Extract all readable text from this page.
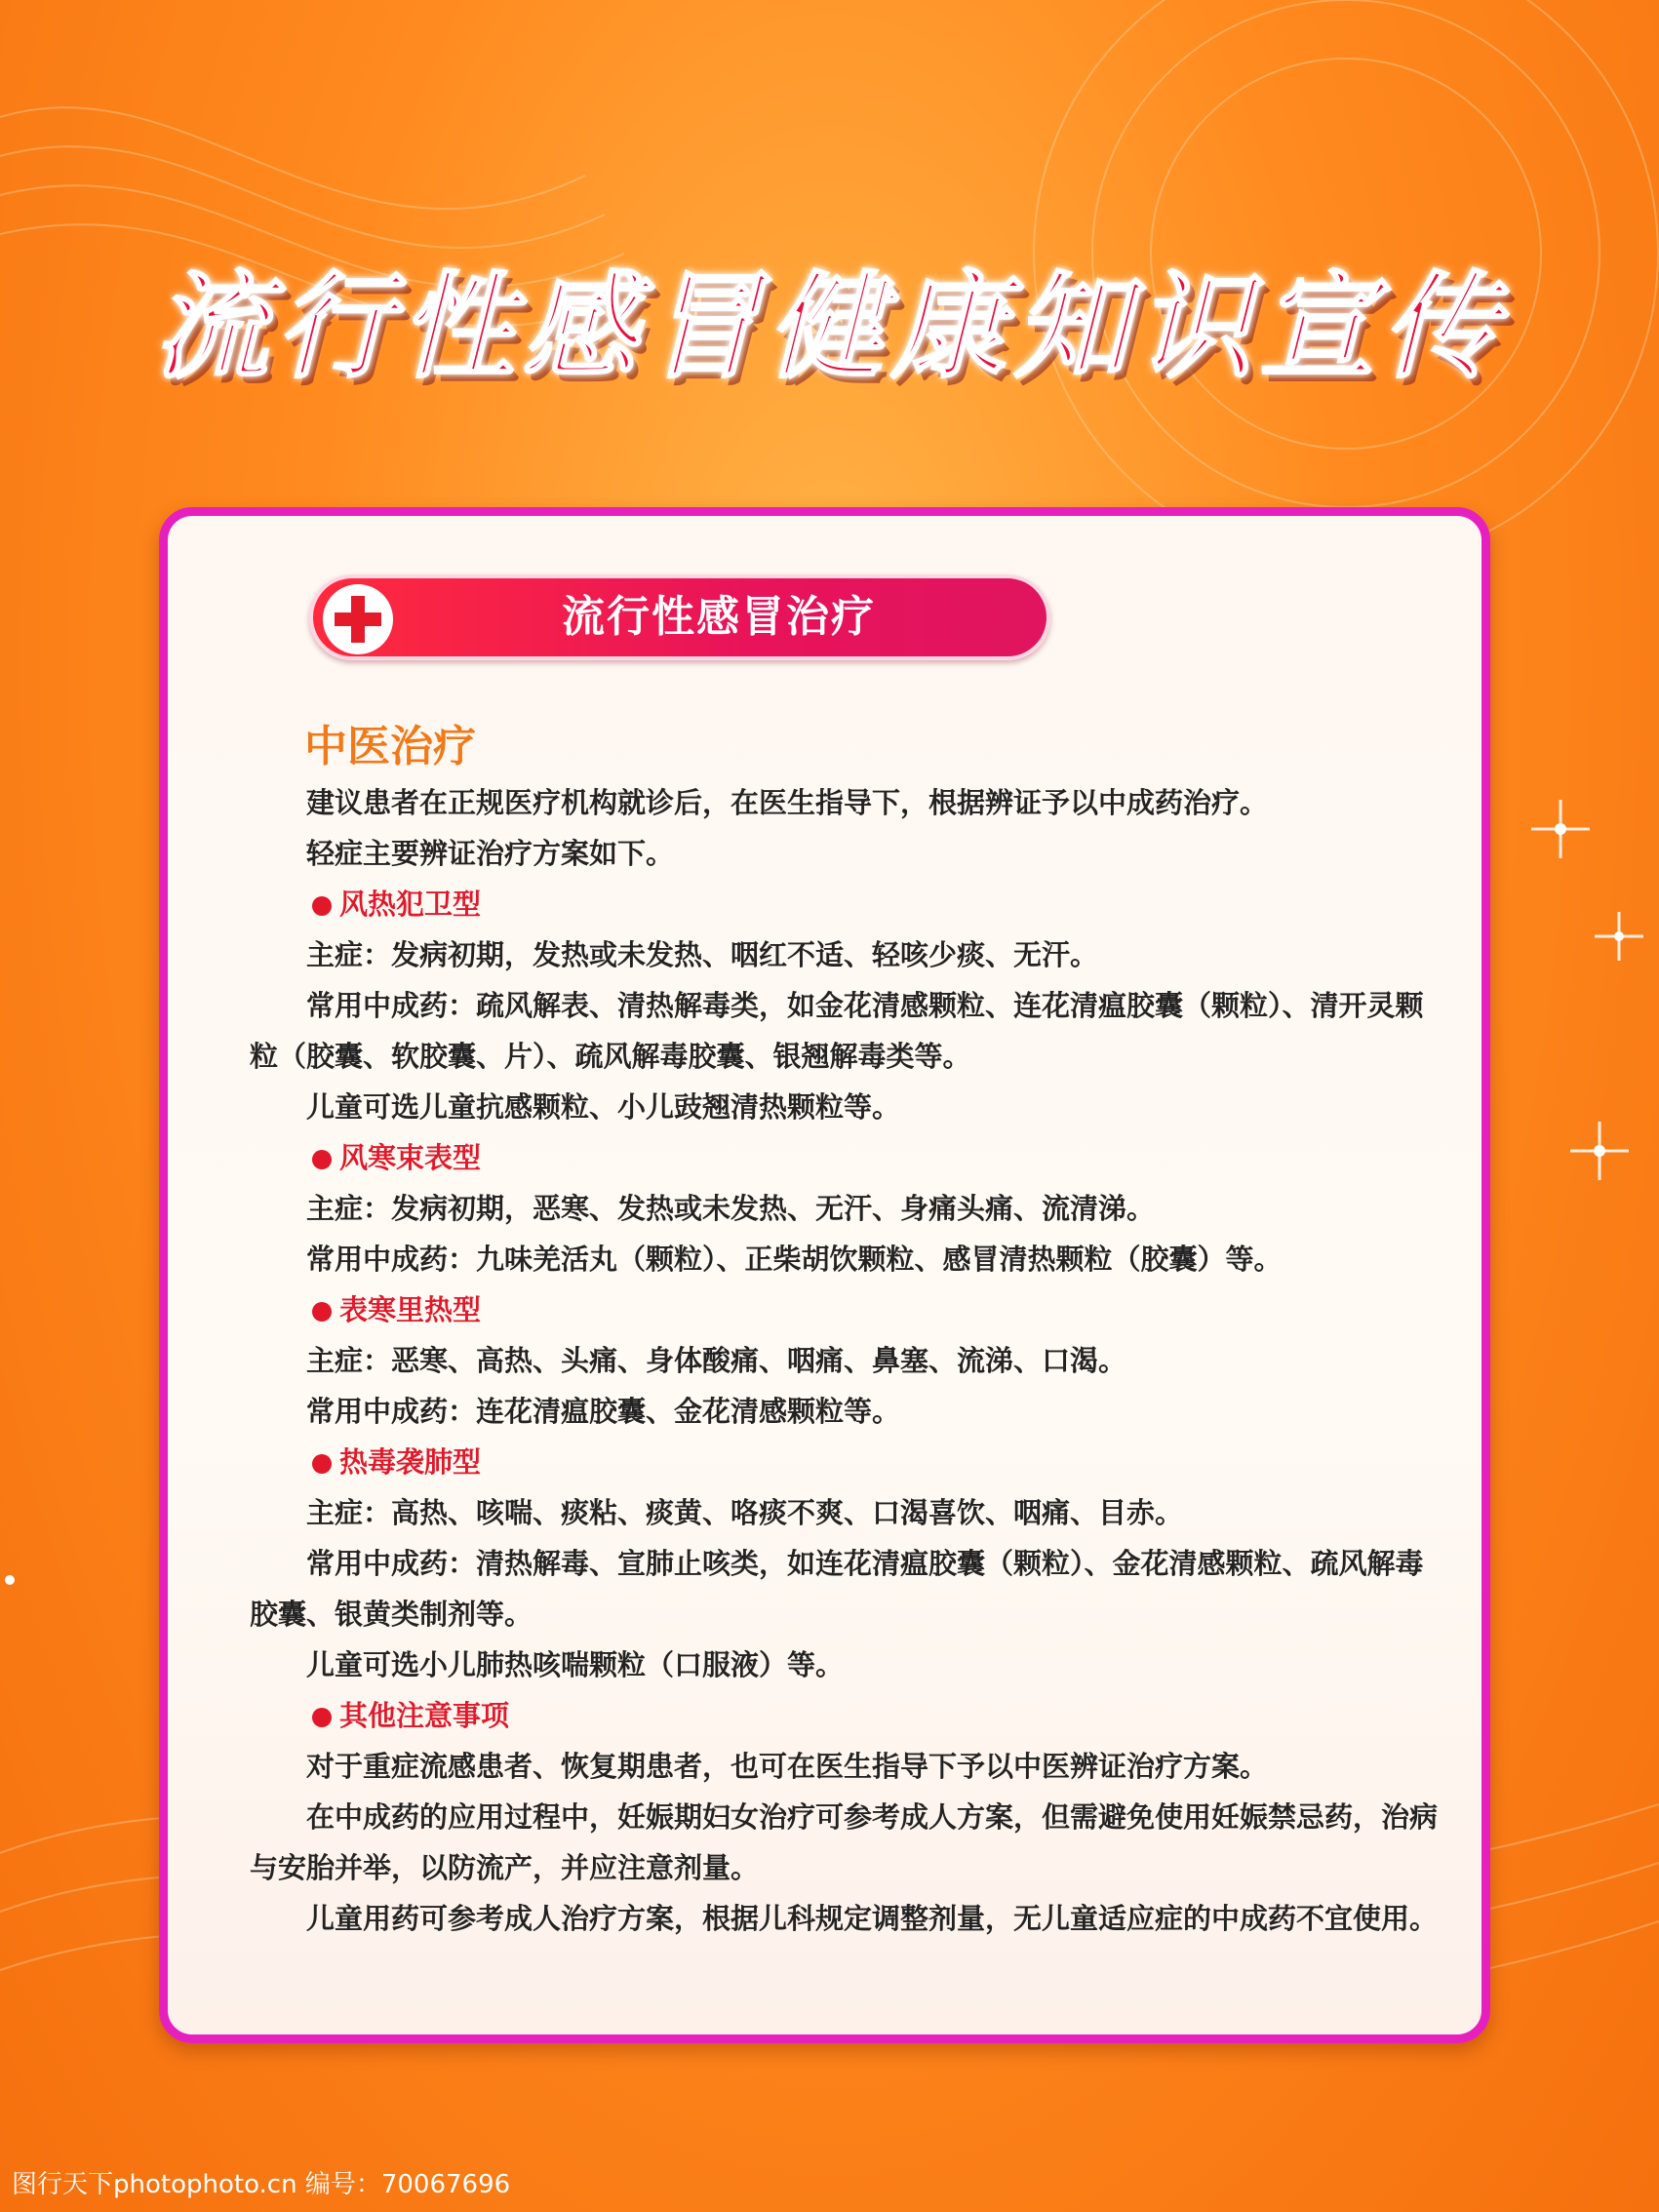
流行性感冒健康知识宣传
流行性感冒治疗
中医治疗

建议患者在正规医疗机构就诊后，在医生指导下，根据辨证予以中成药治疗。

轻症主要辨证治疗方案如下。

风热犯卫型

主症：发病初期，发热或未发热、咽红不适、轻咳少痰、无汗。

常用中成药：疏风解表、清热解毒类，如金花清感颗粒、连花清瘟胶囊（颗粒）、清开灵颗粒（胶囊、软胶囊、片）、疏风解毒胶囊、银翘解毒类等。

儿童可选儿童抗感颗粒、小儿豉翘清热颗粒等。

风寒束表型

主症：发病初期，恶寒、发热或未发热、无汗、身痛头痛、流清涕。

常用中成药：九味羌活丸（颗粒）、正柴胡饮颗粒、感冒清热颗粒（胶囊）等。

表寒里热型

主症：恶寒、高热、头痛、身体酸痛、咽痛、鼻塞、流涕、口渴。

常用中成药：连花清瘟胶囊、金花清感颗粒等。

热毒袭肺型

主症：高热、咳喘、痰粘、痰黄、咯痰不爽、口渴喜饮、咽痛、目赤。

常用中成药：清热解毒、宣肺止咳类，如连花清瘟胶囊（颗粒）、金花清感颗粒、疏风解毒胶囊、银黄类制剂等。

儿童可选小儿肺热咳喘颗粒（口服液）等。

其他注意事项

对于重症流感患者、恢复期患者，也可在医生指导下予以中医辨证治疗方案。

在中成药的应用过程中，妊娠期妇女治疗可参考成人方案，但需避免使用妊娠禁忌药，治病与安胎并举，以防流产，并应注意剂量。

儿童用药可参考成人治疗方案，根据儿科规定调整剂量，无儿童适应症的中成药不宜使用。

图行天下photophoto.cn 编号：70067696
